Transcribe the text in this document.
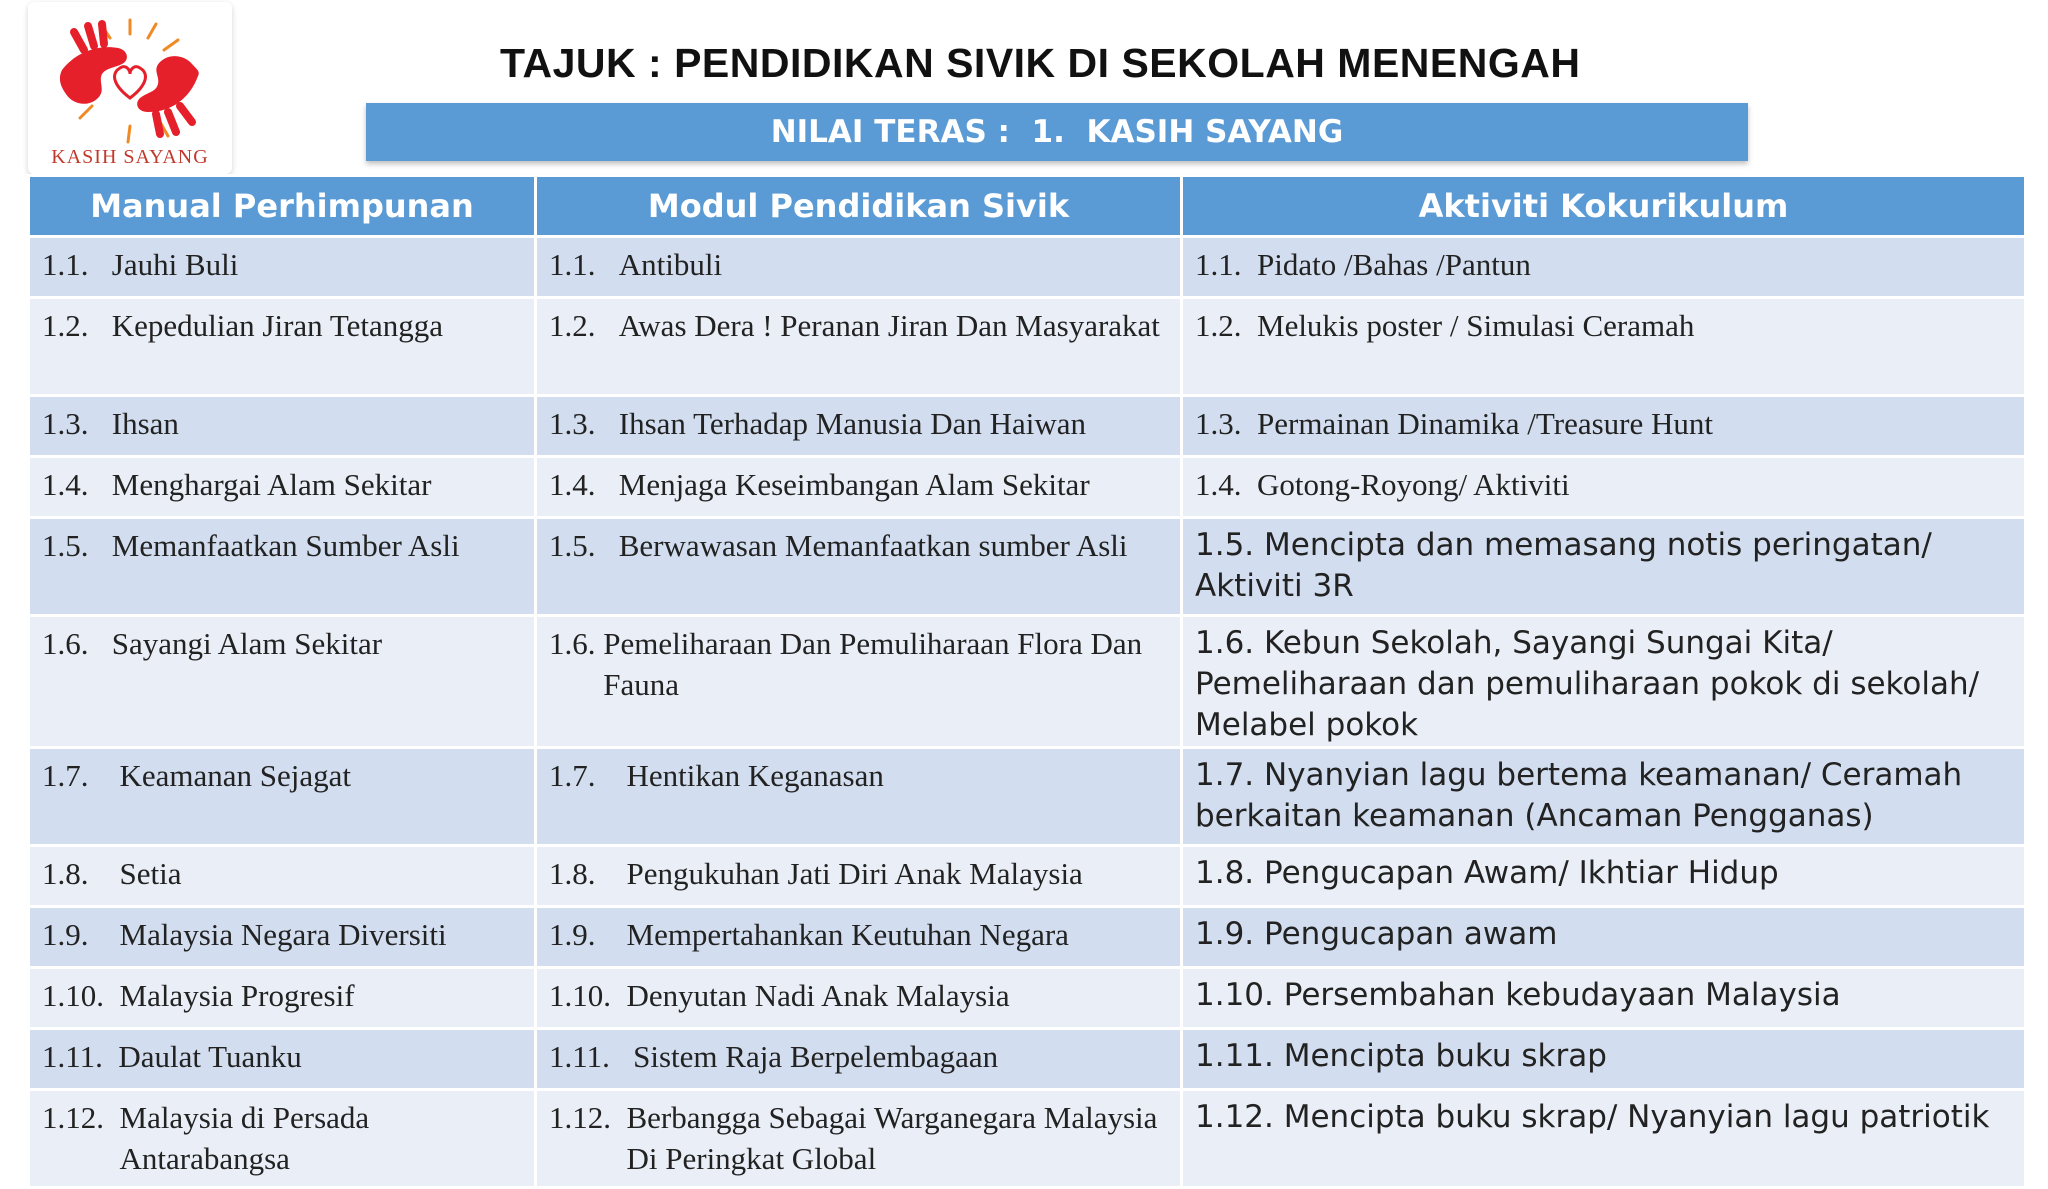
KASIH SAYANG
TAJUK : PENDIDIKAN SIVIK DI SEKOLAH MENENGAH
NILAI TERAS :  1.  KASIH SAYANG
Manual Perhimpunan	Modul Pendidikan Sivik	Aktiviti Kokurikulum

1.1. Jauhi Buli	1.1. Antibuli	1.1. Pidato /Bahas /Pantun

1.2. Kepedulian Jiran Tetangga	1.2. Awas Dera ! Peranan Jiran Dan Masyarakat	1.2. Melukis poster / Simulasi Ceramah

1.3. Ihsan	1.3. Ihsan Terhadap Manusia Dan Haiwan	1.3. Permainan Dinamika /Treasure Hunt

1.4. Menghargai Alam Sekitar	1.4. Menjaga Keseimbangan Alam Sekitar	1.4. Gotong-Royong/ Aktiviti

1.5. Memanfaatkan Sumber Asli	1.5. Berwawasan Memanfaatkan sumber Asli	1.5. Mencipta dan memasang notis peringatan/ Aktiviti 3R

1.6. Sayangi Alam Sekitar	1.6. Pemeliharaan Dan Pemuliharaan Flora Dan Fauna	1.6. Kebun Sekolah, Sayangi Sungai Kita/ Pemeliharaan dan pemuliharaan pokok di sekolah/ Melabel pokok

1.7. Keamanan Sejagat	1.7. Hentikan Keganasan	1.7. Nyanyian lagu bertema keamanan/ Ceramah berkaitan keamanan (Ancaman Pengganas)

1.8. Setia	1.8. Pengukuhan Jati Diri Anak Malaysia	1.8. Pengucapan Awam/ Ikhtiar Hidup

1.9. Malaysia Negara Diversiti	1.9. Mempertahankan Keutuhan Negara	1.9. Pengucapan awam

1.10. Malaysia Progresif	1.10. Denyutan Nadi Anak Malaysia	1.10. Persembahan kebudayaan Malaysia

1.11. Daulat Tuanku	1.11. Sistem Raja Berpelembagaan	1.11. Mencipta buku skrap

1.12. Malaysia di Persada Antarabangsa	1.12. Berbangga Sebagai Warganegara Malaysia Di Peringkat Global	1.12. Mencipta buku skrap/ Nyanyian lagu patriotik
